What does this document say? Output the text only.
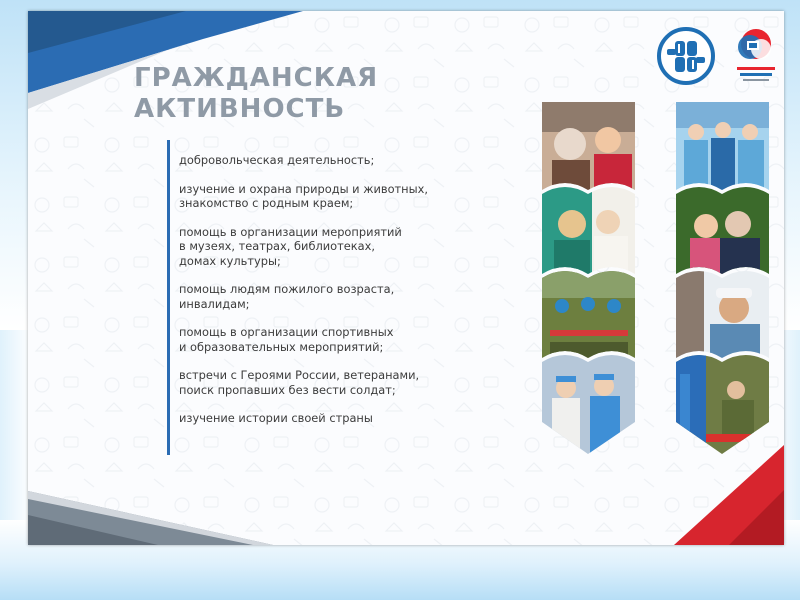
ГРАЖДАНСКАЯ
АКТИВНОСТЬ
добровольческая деятельность;
изучение и охрана природы и животных,
знакомство с родным краем;
помощь в организации мероприятий
в музеях, театрах, библиотеках,
домах культуры;
помощь людям пожилого возраста,
инвалидам;
помощь в организации спортивных
и образовательных мероприятий;
встречи с Героями России, ветеранами,
поиск пропавших без вести солдат;
изучение истории своей страны
